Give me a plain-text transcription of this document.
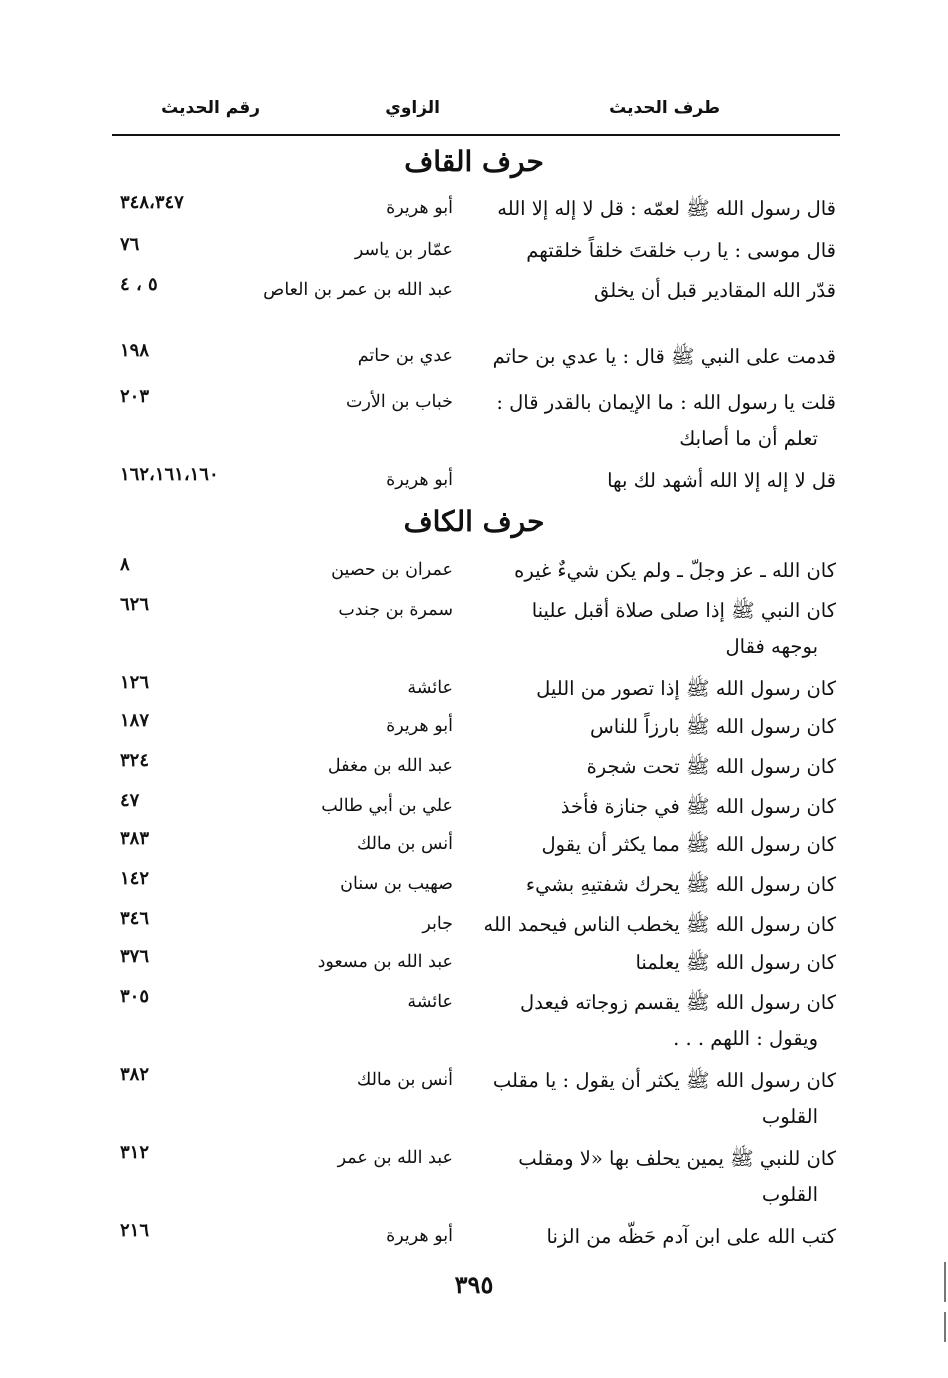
طرف الحديث
الزاوي
رقم الحديث
حرف القاف
قال رسول الله ﷺ لعمّه : قل لا إله إلا الله
أبو هريرة
٣٤٨،٣٤٧
قال موسى : يا رب خلقتَ خلقاً خلقتهم
عمّار بن ياسر
٧٦
قدّر الله المقادير قبل أن يخلق
عبد الله بن عمر بن العاص
٥ ، ٤
قدمت على النبي ﷺ قال : يا عدي بن حاتم
عدي بن حاتم
١٩٨
قلت يا رسول الله : ما الإيمان بالقدر قال :
تعلم أن ما أصابك
خباب بن الأرت
٢٠٣
قل لا إله إلا الله أشهد لك بها
أبو هريرة
١٦٢،١٦١،١٦٠
حرف الكاف
كان الله ـ عز وجلّ ـ ولم يكن شيءٌ غيره
عمران بن حصين
٨
كان النبي ﷺ إذا صلى صلاة أقبل علينا
بوجهه فقال
سمرة بن جندب
٦٢٦
كان رسول الله ﷺ إذا تصور من الليل
عائشة
١٢٦
كان رسول الله ﷺ بارزاً للناس
أبو هريرة
١٨٧
كان رسول الله ﷺ تحت شجرة
عبد الله بن مغفل
٣٢٤
كان رسول الله ﷺ في جنازة فأخذ
علي بن أبي طالب
٤٧
كان رسول الله ﷺ مما يكثر أن يقول
أنس بن مالك
٣٨٣
كان رسول الله ﷺ يحرك شفتيهِ بشيء
صهيب بن سنان
١٤٢
كان رسول الله ﷺ يخطب الناس فيحمد الله
جابر
٣٤٦
كان رسول الله ﷺ يعلمنا
عبد الله بن مسعود
٣٧٦
كان رسول الله ﷺ يقسم زوجاته فيعدل
ويقول : اللهم . . .
عائشة
٣٠٥
كان رسول الله ﷺ يكثر أن يقول : يا مقلب
القلوب
أنس بن مالك
٣٨٢
كان للنبي ﷺ يمين يحلف بها «لا ومقلب
القلوب
عبد الله بن عمر
٣١٢
كتب الله على ابن آدم حَظّه من الزنا
أبو هريرة
٢١٦
٣٩٥
